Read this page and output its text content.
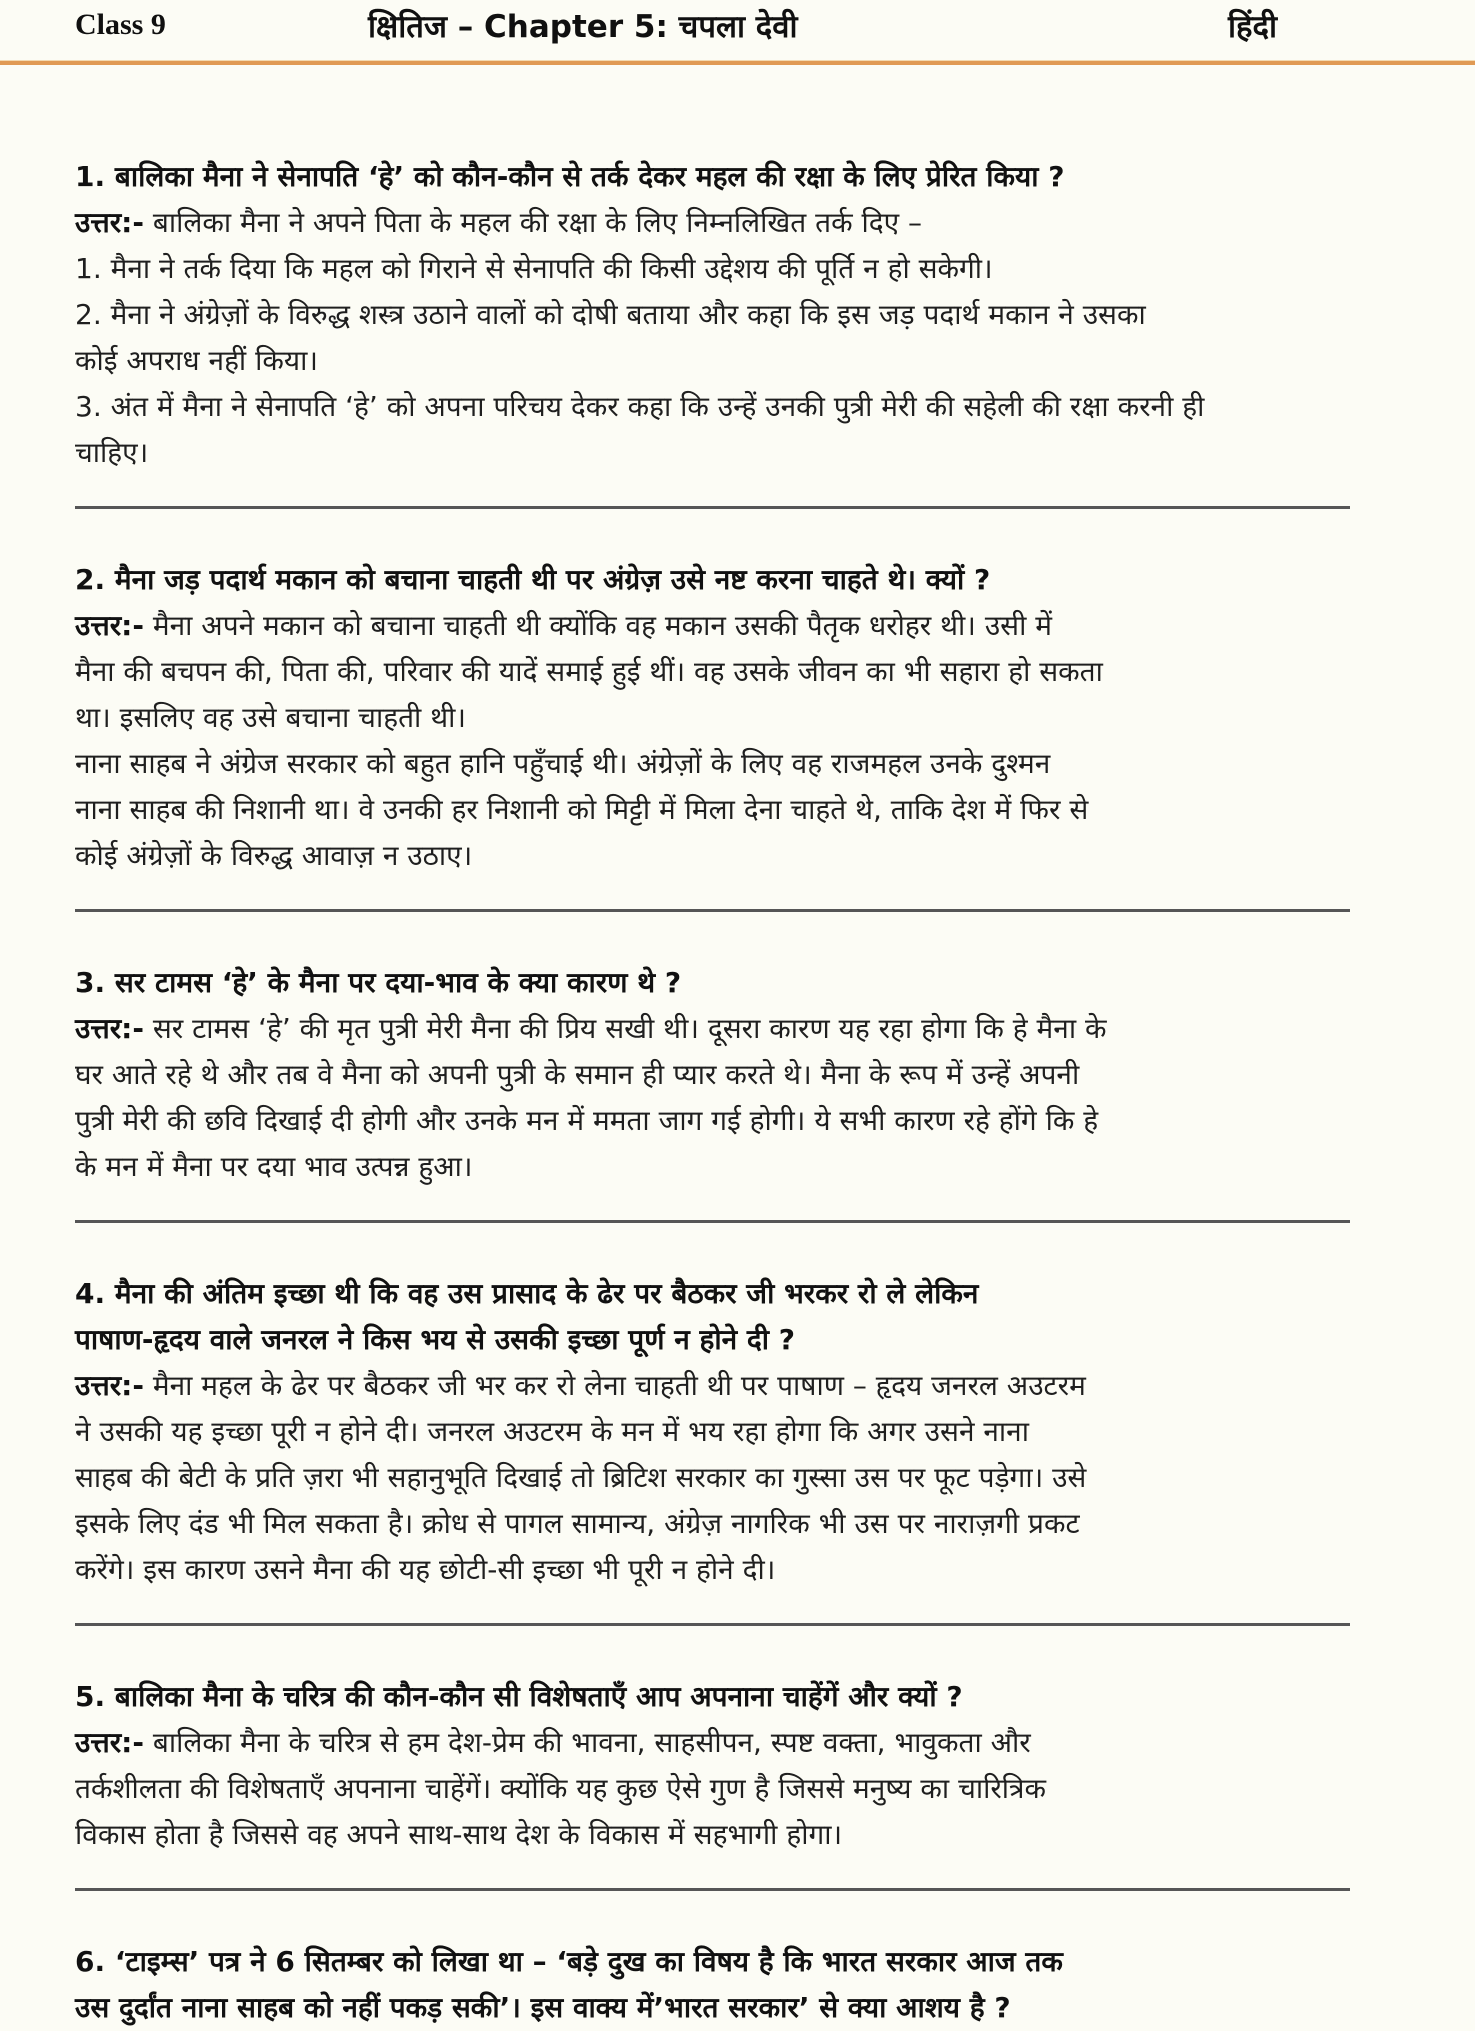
Class 9	क्षितिज – Chapter 5: चपला देवी	हिंदी

1. बालिका मैना ने सेनापति ‘हे’ को कौन-कौन से तर्क देकर महल की रक्षा के लिए प्रेरित किया ?

उत्तर:- बालिका मैना ने अपने पिता के महल की रक्षा के लिए निम्नलिखित तर्क दिए –

1. मैना ने तर्क दिया कि महल को गिराने से सेनापति की किसी उद्देशय की पूर्ति न हो सकेगी।

2. मैना ने अंग्रेज़ों के विरुद्ध शस्त्र उठाने वालों को दोषी बताया और कहा कि इस जड़ पदार्थ मकान ने उसका

कोई अपराध नहीं किया।

3. अंत में मैना ने सेनापति ‘हे’ को अपना परिचय देकर कहा कि उन्हें उनकी पुत्री मेरी की सहेली की रक्षा करनी ही

चाहिए।

2. मैना जड़ पदार्थ मकान को बचाना चाहती थी पर अंग्रेज़ उसे नष्ट करना चाहते थे। क्यों ?

उत्तर:- मैना अपने मकान को बचाना चाहती थी क्योंकि वह मकान उसकी पैतृक धरोहर थी। उसी में

मैना की बचपन की, पिता की, परिवार की यादें समाई हुई थीं। वह उसके जीवन का भी सहारा हो सकता

था। इसलिए वह उसे बचाना चाहती थी।

नाना साहब ने अंग्रेज सरकार को बहुत हानि पहुँचाई थी। अंग्रेज़ों के लिए वह राजमहल उनके दुश्मन

नाना साहब की निशानी था। वे उनकी हर निशानी को मिट्टी में मिला देना चाहते थे, ताकि देश में फिर से

कोई अंग्रेज़ों के विरुद्ध आवाज़ न उठाए।

3. सर टामस ‘हे’ के मैना पर दया-भाव के क्या कारण थे ?

उत्तर:- सर टामस ‘हे’ की मृत पुत्री मेरी मैना की प्रिय सखी थी। दूसरा कारण यह रहा होगा कि हे मैना के

घर आते रहे थे और तब वे मैना को अपनी पुत्री के समान ही प्यार करते थे। मैना के रूप में उन्हें अपनी

पुत्री मेरी की छवि दिखाई दी होगी और उनके मन में ममता जाग गई होगी। ये सभी कारण रहे होंगे कि हे

के मन में मैना पर दया भाव उत्पन्न हुआ।

4. मैना की अंतिम इच्छा थी कि वह उस प्रासाद के ढेर पर बैठकर जी भरकर रो ले लेकिन

पाषाण-हृदय वाले जनरल ने किस भय से उसकी इच्छा पूर्ण न होने दी ?

उत्तर:- मैना महल के ढेर पर बैठकर जी भर कर रो लेना चाहती थी पर पाषाण – हृदय जनरल अउटरम

ने उसकी यह इच्छा पूरी न होने दी। जनरल अउटरम के मन में भय रहा होगा कि अगर उसने नाना

साहब की बेटी के प्रति ज़रा भी सहानुभूति दिखाई तो ब्रिटिश सरकार का गुस्सा उस पर फूट पड़ेगा। उसे

इसके लिए दंड भी मिल सकता है। क्रोध से पागल सामान्य, अंग्रेज़ नागरिक भी उस पर नाराज़गी प्रकट

करेंगे। इस कारण उसने मैना की यह छोटी-सी इच्छा भी पूरी न होने दी।

5. बालिका मैना के चरित्र की कौन-कौन सी विशेषताएँ आप अपनाना चाहेंगें और क्यों ?

उत्तर:- बालिका मैना के चरित्र से हम देश-प्रेम की भावना, साहसीपन, स्पष्ट वक्ता, भावुकता और

तर्कशीलता की विशेषताएँ अपनाना चाहेंगें। क्योंकि यह कुछ ऐसे गुण है जिससे मनुष्य का चारित्रिक

विकास होता है जिससे वह अपने साथ-साथ देश के विकास में सहभागी होगा।

6. ‘टाइम्स’ पत्र ने 6 सितम्बर को लिखा था – ‘बड़े दुख का विषय है कि भारत सरकार आज तक

उस दुर्दांत नाना साहब को नहीं पकड़ सकी’। इस वाक्य में’भारत सरकार’ से क्या आशय है ?
